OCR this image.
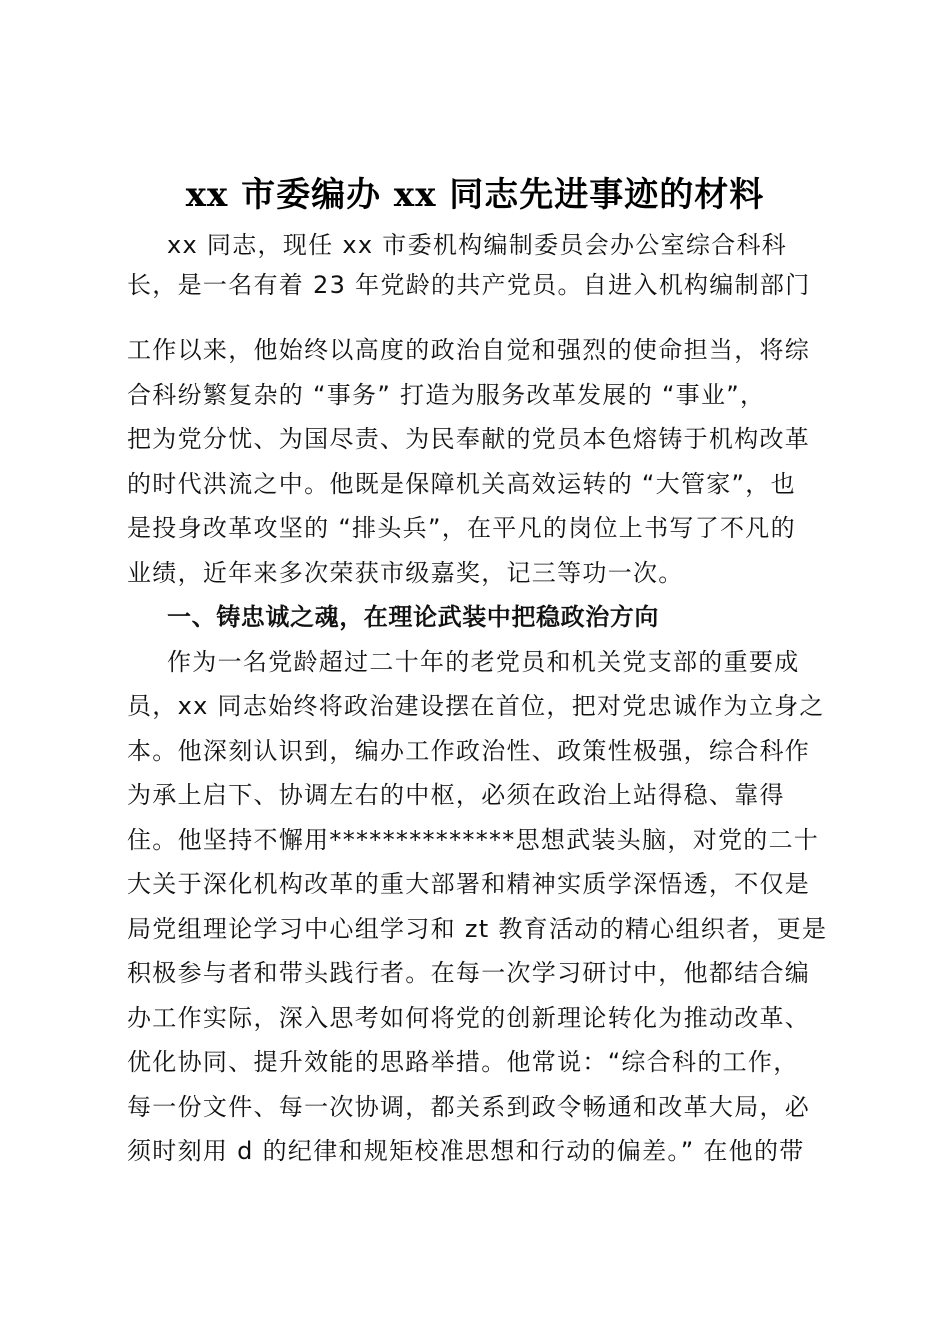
xx 市委编办 xx 同志先进事迹的材料
xx 同志，现任 xx 市委机构编制委员会办公室综合科科
长，是一名有着 23 年党龄的共产党员。自进入机构编制部门
工作以来，他始终以高度的政治自觉和强烈的使命担当，将综
合科纷繁复杂的 “事务” 打造为服务改革发展的 “事业”，
把为党分忧、为国尽责、为民奉献的党员本色熔铸于机构改革
的时代洪流之中。他既是保障机关高效运转的 “大管家”，也
是投身改革攻坚的 “排头兵”，在平凡的岗位上书写了不凡的
业绩，近年来多次荣获市级嘉奖，记三等功一次。
一、铸忠诚之魂，在理论武装中把稳政治方向
作为一名党龄超过二十年的老党员和机关党支部的重要成
员，xx 同志始终将政治建设摆在首位，把对党忠诚作为立身之
本。他深刻认识到，编办工作政治性、政策性极强，综合科作
为承上启下、协调左右的中枢，必须在政治上站得稳、靠得
住。他坚持不懈用**************思想武装头脑，对党的二十
大关于深化机构改革的重大部署和精神实质学深悟透，不仅是
局党组理论学习中心组学习和 zt 教育活动的精心组织者，更是
积极参与者和带头践行者。在每一次学习研讨中，他都结合编
办工作实际，深入思考如何将党的创新理论转化为推动改革、
优化协同、提升效能的思路举措。他常说：“综合科的工作，
每一份文件、每一次协调，都关系到政令畅通和改革大局，必
须时刻用 d 的纪律和规矩校准思想和行动的偏差。” 在他的带
